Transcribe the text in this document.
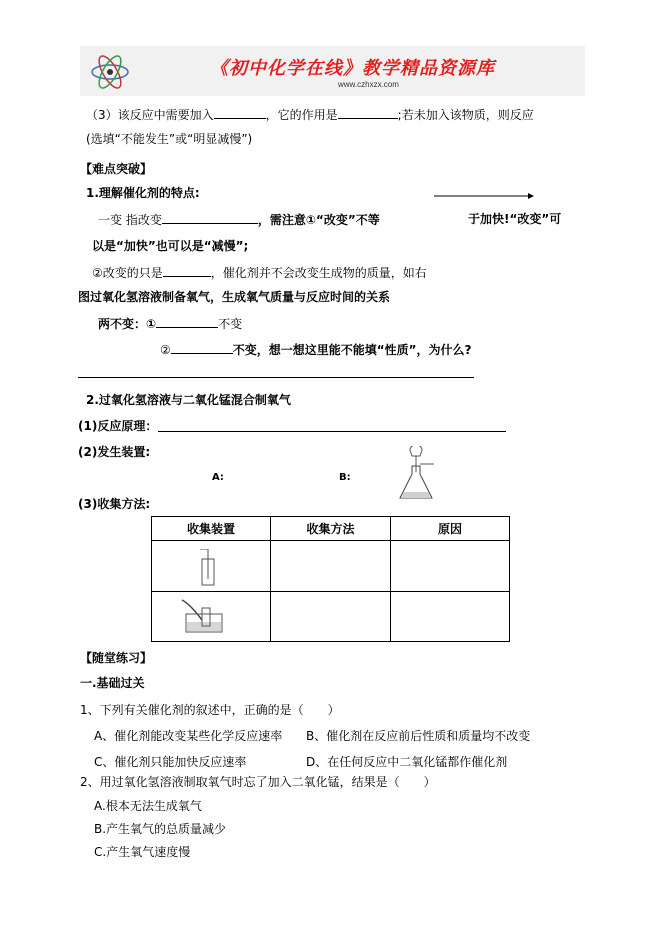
《初中化学在线》教学精品资源库
www.czhxzx.com
（3）该反应中需要加入	，它的作用是	;若未加入该物质，则反应
(选填“不能发生”或“明显减慢”)
【难点突破】
1.理解催化剂的特点:
一变 指改变	，需注意①“改变”不等	于加快!“改变”可
以是“加快”也可以是“减慢”;
②改变的只是	，催化剂并不会改变生成物的质量，如右
图过氧化氢溶液制备氧气，生成氧气质量与反应时间的关系
两不变：①	不变
②	不变，想一想这里能不能填“性质”，为什么?
2.过氧化氢溶液与二氧化锰混合制氧气
(1)反应原理：
(2)发生装置:
A:	B:
(3)收集方法:
收集装置	收集方法	原因

【随堂练习】
一.基础过关
1、下列有关催化剂的叙述中，正确的是（　　）
A、催化剂能改变某些化学反应速率 B、催化剂在反应前后性质和质量均不改变
C、催化剂只能加快反应速率	D、在任何反应中二氧化锰都作催化剂
2、用过氧化氢溶液制取氧气时忘了加入二氧化锰，结果是（　　）
A.根本无法生成氧气
B.产生氧气的总质量减少
C.产生氧气速度慢
